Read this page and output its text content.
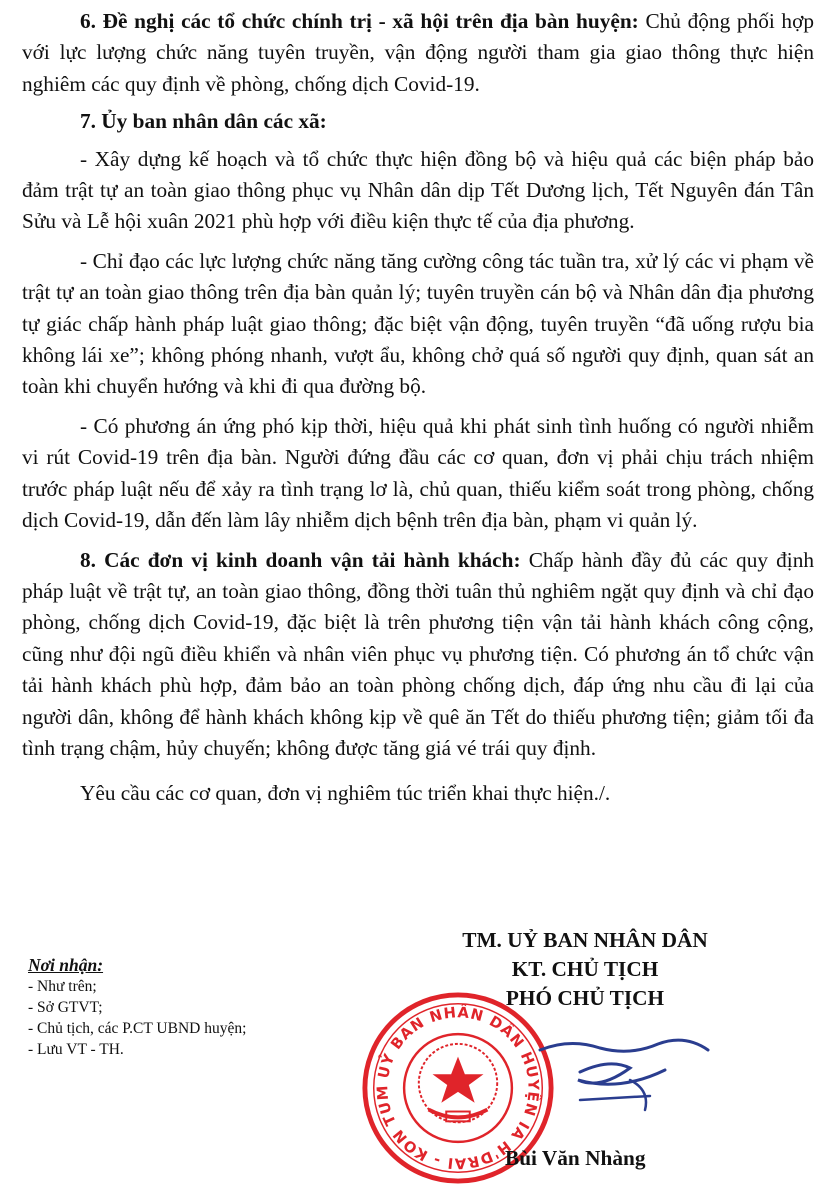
6. Đề nghị các tổ chức chính trị - xã hội trên địa bàn huyện: Chủ động phối hợp với lực lượng chức năng tuyên truyền, vận động người tham gia giao thông thực hiện nghiêm các quy định về phòng, chống dịch Covid-19.

7. Ủy ban nhân dân các xã:

- Xây dựng kế hoạch và tổ chức thực hiện đồng bộ và hiệu quả các biện pháp bảo đảm trật tự an toàn giao thông phục vụ Nhân dân dịp Tết Dương lịch, Tết Nguyên đán Tân Sửu và Lễ hội xuân 2021 phù hợp với điều kiện thực tế của địa phương.

- Chỉ đạo các lực lượng chức năng tăng cường công tác tuần tra, xử lý các vi phạm về trật tự an toàn giao thông trên địa bàn quản lý; tuyên truyền cán bộ và Nhân dân địa phương tự giác chấp hành pháp luật giao thông; đặc biệt vận động, tuyên truyền “đã uống rượu bia không lái xe”; không phóng nhanh, vượt ẩu, không chở quá số người quy định, quan sát an toàn khi chuyển hướng và khi đi qua đường bộ.

- Có phương án ứng phó kịp thời, hiệu quả khi phát sinh tình huống có người nhiễm vi rút Covid-19 trên địa bàn. Người đứng đầu các cơ quan, đơn vị phải chịu trách nhiệm trước pháp luật nếu để xảy ra tình trạng lơ là, chủ quan, thiếu kiểm soát trong phòng, chống dịch Covid-19, dẫn đến làm lây nhiễm dịch bệnh trên địa bàn, phạm vi quản lý.

8. Các đơn vị kinh doanh vận tải hành khách: Chấp hành đầy đủ các quy định pháp luật về trật tự, an toàn giao thông, đồng thời tuân thủ nghiêm ngặt quy định và chỉ đạo phòng, chống dịch Covid-19, đặc biệt là trên phương tiện vận tải hành khách công cộng, cũng như đội ngũ điều khiển và nhân viên phục vụ phương tiện. Có phương án tổ chức vận tải hành khách phù hợp, đảm bảo an toàn phòng chống dịch, đáp ứng nhu cầu đi lại của người dân, không để hành khách không kịp về quê ăn Tết do thiếu phương tiện; giảm tối đa tình trạng chậm, hủy chuyến; không được tăng giá vé trái quy định.

Yêu cầu các cơ quan, đơn vị nghiêm túc triển khai thực hiện./.

Nơi nhận:
- Như trên;
- Sở GTVT;
- Chủ tịch, các P.CT UBND huyện;
- Lưu VT - TH.
TM. UỶ BAN NHÂN DÂN
KT. CHỦ TỊCH
PHÓ CHỦ TỊCH
UỶ BAN NHÂN DÂN HUYỆN IA H'DRAI - KON TUM
Bùi Văn Nhàng
